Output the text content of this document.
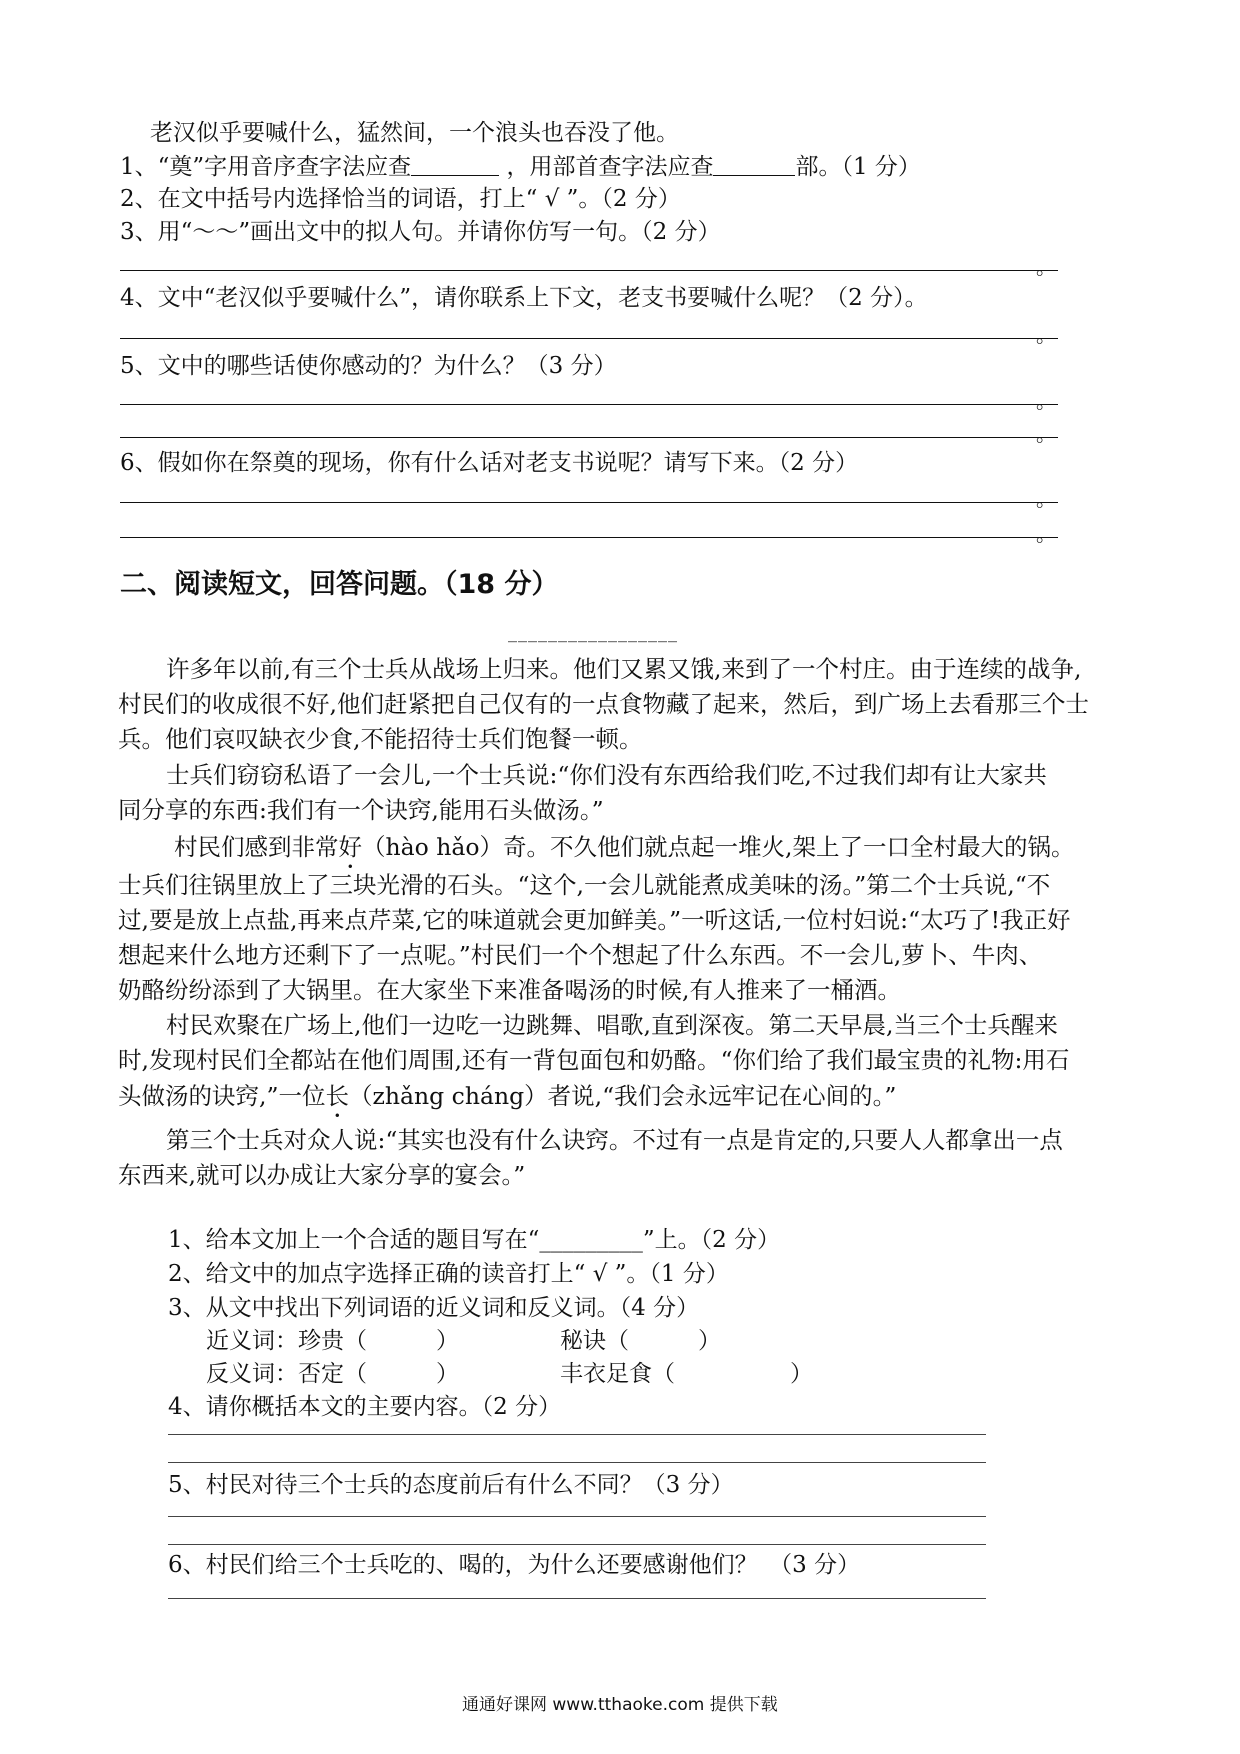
老汉似乎要喊什么，猛然间，一个浪头也吞没了他。
1、“奠”字用音序查字法应查	，用部首查字法应查	部。（1 分）
2、在文中括号内选择恰当的词语，打上“ √ ”。（2 分）
3、用“～～”画出文中的拟人句。并请你仿写一句。（2 分）
。
4、文中“老汉似乎要喊什么”，请你联系上下文，老支书要喊什么呢？（2 分）。
。
5、文中的哪些话使你感动的？为什么？（3 分）
。
。
6、假如你在祭奠的现场，你有什么话对老支书说呢？请写下来。（2 分）
。
。
二、阅读短文，回答问题。（18 分）
_________________
许多年以前,有三个士兵从战场上归来。他们又累又饿,来到了一个村庄。由于连续的战争,
村民们的收成很不好,他们赶紧把自己仅有的一点食物藏了起来，然后，到广场上去看那三个士
兵。他们哀叹缺衣少食,不能招待士兵们饱餐一顿。
士兵们窃窃私语了一会儿,一个士兵说:“你们没有东西给我们吃,不过我们却有让大家共
同分享的东西:我们有一个诀窍,能用石头做汤。”
村民们感到非常好（hào hǎo）奇。不久他们就点起一堆火,架上了一口全村最大的锅。
士兵们往锅里放上了三块光滑的石头。“这个,一会儿就能煮成美味的汤。”第二个士兵说,“不
过,要是放上点盐,再来点芹菜,它的味道就会更加鲜美。”一听这话,一位村妇说:“太巧了!我正好
想起来什么地方还剩下了一点呢。”村民们一个个想起了什么东西。不一会儿,萝卜、牛肉、
奶酪纷纷添到了大锅里。在大家坐下来准备喝汤的时候,有人推来了一桶酒。
村民欢聚在广场上,他们一边吃一边跳舞、唱歌,直到深夜。第二天早晨,当三个士兵醒来
时,发现村民们全都站在他们周围,还有一背包面包和奶酪。“你们给了我们最宝贵的礼物:用石
头做汤的诀窍,”一位长（zhǎng cháng）者说,“我们会永远牢记在心间的。”
第三个士兵对众人说:“其实也没有什么诀窍。不过有一点是肯定的,只要人人都拿出一点
东西来,就可以办成让大家分享的宴会。”
1、给本文加上一个合适的题目写在“_________”上。（2 分）
2、给文中的加点字选择正确的读音打上“ √ ”。（1 分）
3、从文中找出下列词语的近义词和反义词。（4 分）
近义词：珍贵（　　　）	秘诀（　　　）
反义词：否定（　　　）	丰衣足食（　　　　　）
4、请你概括本文的主要内容。（2 分）
5、村民对待三个士兵的态度前后有什么不同？（3 分）
6、村民们给三个士兵吃的、喝的，为什么还要感谢他们？　（3 分）
通通好课网 www.tthaoke.com 提供下载
